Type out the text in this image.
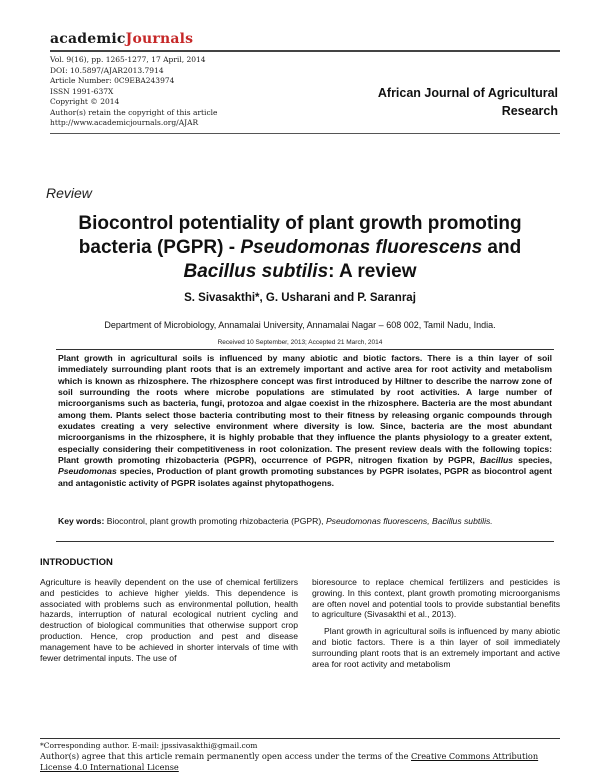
academicJournals
Vol. 9(16), pp. 1265-1277, 17 April, 2014
DOI: 10.5897/AJAR2013.7914
Article Number: 0C9EBA243974
ISSN 1991-637X
Copyright © 2014
Author(s) retain the copyright of this article
http://www.academicjournals.org/AJAR
African Journal of Agricultural
Research
Review
Biocontrol potentiality of plant growth promoting bacteria (PGPR) - Pseudomonas fluorescens and
Bacillus subtilis: A review
S. Sivasakthi*, G. Usharani and P. Saranraj
Department of Microbiology, Annamalai University, Annamalai Nagar – 608 002, Tamil Nadu, India.
Received 10 September, 2013; Accepted 21 March, 2014
Plant growth in agricultural soils is influenced by many abiotic and biotic factors. There is a thin layer of soil immediately surrounding plant roots that is an extremely important and active area for root activity and metabolism which is known as rhizosphere. The rhizosphere concept was first introduced by Hiltner to describe the narrow zone of soil surrounding the roots where microbe populations are stimulated by root activities. A large number of microorganisms such as bacteria, fungi, protozoa and algae coexist in the rhizosphere. Bacteria are the most abundant among them. Plants select those bacteria contributing most to their fitness by releasing organic compounds through exudates creating a very selective environment where diversity is low. Since, bacteria are the most abundant microorganisms in the rhizosphere, it is highly probable that they influence the plants physiology to a greater extent, especially considering their competitiveness in root colonization. The present review deals with the following topics: Plant growth promoting rhizobacteria (PGPR), occurrence of PGPR, nitrogen fixation by PGPR, Bacillus species, Pseudomonas species, Production of plant growth promoting substances by PGPR isolates, PGPR as biocontrol agent and antagonistic activity of PGPR isolates against phytopathogens.
Key words: Biocontrol, plant growth promoting rhizobacteria (PGPR), Pseudomonas fluorescens, Bacillus subtilis.
INTRODUCTION
Agriculture is heavily dependent on the use of chemical fertilizers and pesticides to achieve higher yields. This dependence is associated with problems such as environmental pollution, health hazards, interruption of natural ecological nutrient cycling and destruction of biological communities that otherwise support crop production. Hence, crop production and pest and disease management have to be achieved in shorter intervals of time with fewer detrimental inputs. The use of

bioresource to replace chemical fertilizers and pesticides is growing. In this context, plant growth promoting microorganisms are often novel and potential tools to provide substantial benefits to agriculture (Sivasakthi et al., 2013).

Plant growth in agricultural soils is influenced by many abiotic and biotic factors. There is a thin layer of soil immediately surrounding plant roots that is an extremely important and active area for root activity and metabolism

*Corresponding author. E-mail: jpssivasakthi@gmail.com
Author(s) agree that this article remain permanently open access under the terms of the Creative Commons Attribution License 4.0 International License
